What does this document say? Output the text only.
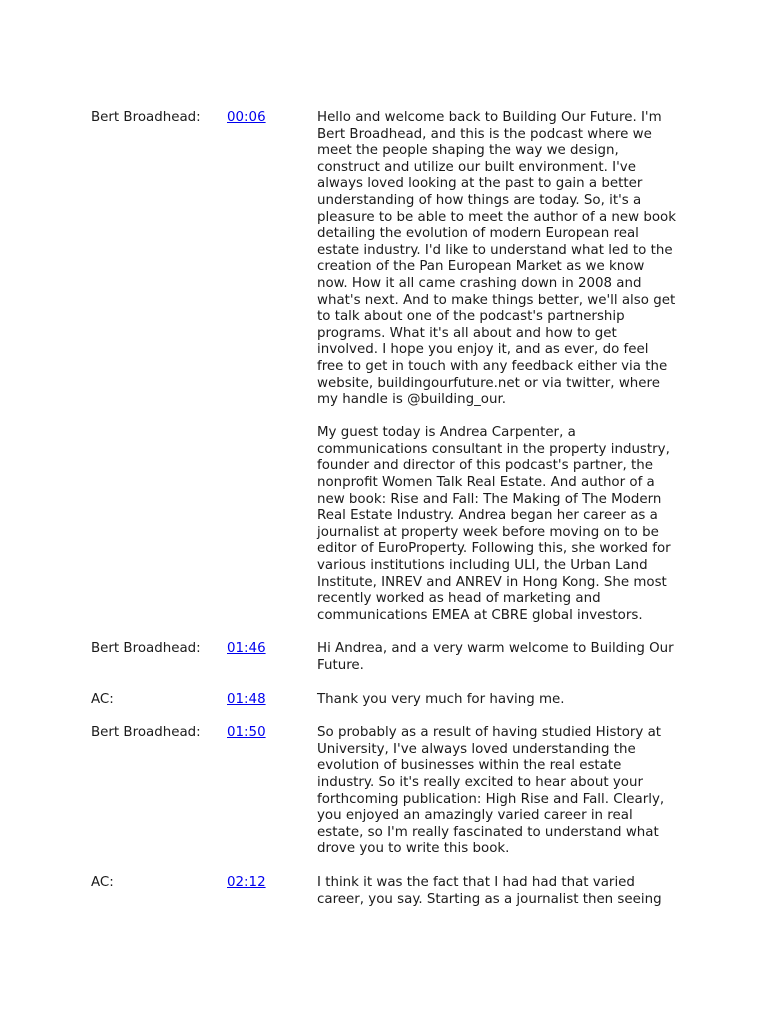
Bert Broadhead: 00:06	Hello and welcome back to Building Our Future. I'm Bert Broadhead, and this is the podcast where we meet the people shaping the way we design, construct and utilize our built environment. I've always loved looking at the past to gain a better understanding of how things are today. So, it's a pleasure to be able to meet the author of a new book detailing the evolution of modern European real estate industry. I'd like to understand what led to the creation of the Pan European Market as we know now. How it all came crashing down in 2008 and what's next. And to make things better, we'll also get to talk about one of the podcast's partnership programs. What it's all about and how to get involved. I hope you enjoy it, and as ever, do feel free to get in touch with any feedback either via the website, buildingourfuture.net or via twitter, where my handle is @building_our.

My guest today is Andrea Carpenter, a communications consultant in the property industry, founder and director of this podcast's partner, the nonprofit Women Talk Real Estate. And author of a new book: Rise and Fall: The Making of The Modern Real Estate Industry. Andrea began her career as a journalist at property week before moving on to be editor of EuroProperty. Following this, she worked for various institutions including ULI, the Urban Land Institute, INREV and ANREV in Hong Kong. She most recently worked as head of marketing and communications EMEA at CBRE global investors.

Bert Broadhead: 01:46	Hi Andrea, and a very warm welcome to Building Our Future.

AC:	01:48	Thank you very much for having me.

Bert Broadhead: 01:50	So probably as a result of having studied History at University, I've always loved understanding the evolution of businesses within the real estate industry. So it's really excited to hear about your forthcoming publication: High Rise and Fall. Clearly, you enjoyed an amazingly varied career in real estate, so I'm really fascinated to understand what drove you to write this book.

AC:	02:12	I think it was the fact that I had had that varied career, you say. Starting as a journalist then seeing
